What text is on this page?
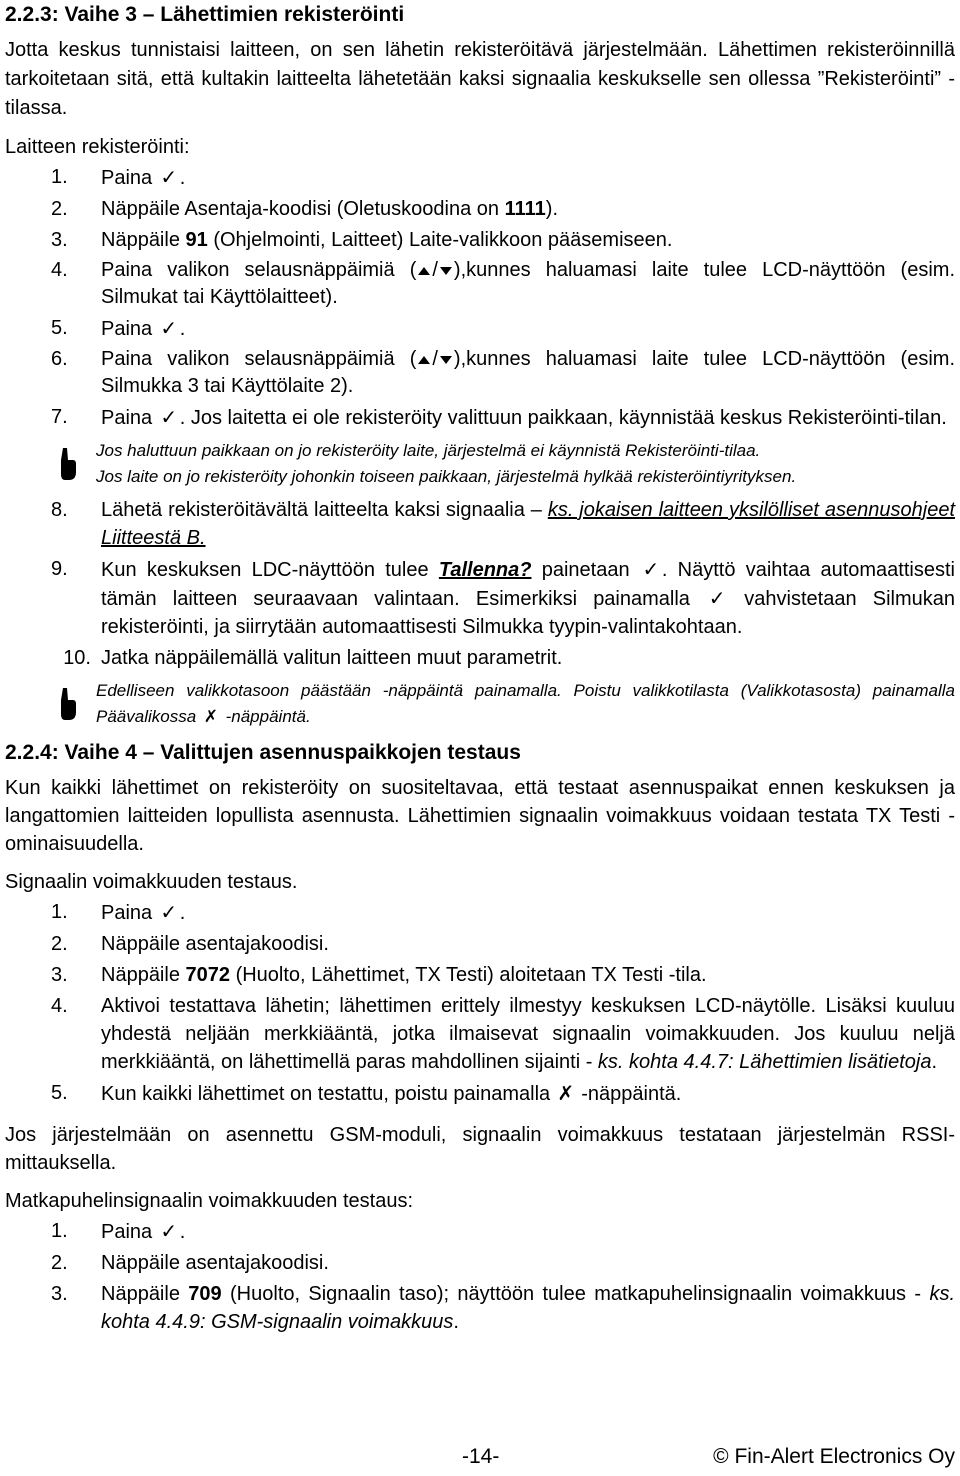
2.2.3: Vaihe 3 – Lähettimien rekisteröinti

Jotta keskus tunnistaisi laitteen, on sen lähetin rekisteröitävä järjestelmään. Lähettimen rekisteröinnillä tarkoitetaan sitä, että kultakin laitteelta lähetetään kaksi signaalia keskukselle sen ollessa ”Rekisteröinti” -tilassa.

Laitteen rekisteröinti:

1.	Paina ✓ .
2.	Näppäile Asentaja-koodisi (Oletuskoodina on 1111).
3.	Näppäile 91 (Ohjelmointi, Laitteet) Laite-valikkoon pääsemiseen.
4.	Paina valikon selausnäppäimiä ( / ),kunnes haluamasi laite tulee LCD-näyttöön (esim. Silmukat tai Käyttölaitteet).
5.	Paina ✓ .
6.	Paina valikon selausnäppäimiä ( / ),kunnes haluamasi laite tulee LCD-näyttöön (esim. Silmukka 3 tai Käyttölaite 2).
7.	Paina ✓ . Jos laitetta ei ole rekisteröity valittuun paikkaan, käynnistää keskus Rekisteröinti-tilan.
Jos haluttuun paikkaan on jo rekisteröity laite, järjestelmä ei käynnistä Rekisteröinti-tilaa.
Jos laite on jo rekisteröity johonkin toiseen paikkaan, järjestelmä hylkää rekisteröintiyrityksen.
8.	Lähetä rekisteröitävältä laitteelta kaksi signaalia – ks. jokaisen laitteen yksilölliset asennusohjeet Liitteestä B.
9.	Kun keskuksen LDC-näyttöön tulee Tallenna? painetaan ✓ . Näyttö vaihtaa automaattisesti tämän laitteen seuraavaan valintaan. Esimerkiksi painamalla ✓ vahvistetaan Silmukan rekisteröinti, ja siirrytään automaattisesti Silmukka tyypin-valintakohtaan.
10. Jatka näppäilemällä valitun laitteen muut parametrit.
Edelliseen valikkotasoon päästään -näppäintä painamalla. Poistu valikkotilasta (Valikkotasosta) painamalla Päävalikossa ✗ -näppäintä.
2.2.4: Vaihe 4 – Valittujen asennuspaikkojen testaus

Kun kaikki lähettimet on rekisteröity on suositeltavaa, että testaat asennuspaikat ennen keskuksen ja langattomien laitteiden lopullista asennusta. Lähettimien signaalin voimakkuus voidaan testata TX Testi -ominaisuudella.

Signaalin voimakkuuden testaus.

1.	Paina ✓ .
2.	Näppäile asentajakoodisi.
3.	Näppäile 7072 (Huolto, Lähettimet, TX Testi) aloitetaan TX Testi -tila.
4.	Aktivoi testattava lähetin; lähettimen erittely ilmestyy keskuksen LCD-näytölle. Lisäksi kuuluu yhdestä neljään merkkiääntä, jotka ilmaisevat signaalin voimakkuuden. Jos kuuluu neljä merkkiääntä, on lähettimellä paras mahdollinen sijainti - ks. kohta 4.4.7: Lähettimien lisätietoja.
5.	Kun kaikki lähettimet on testattu, poistu painamalla ✗ -näppäintä.

Jos järjestelmään on asennettu GSM-moduli, signaalin voimakkuus testataan järjestelmän RSSI-mittauksella.

Matkapuhelinsignaalin voimakkuuden testaus:

1.	Paina ✓ .
2.	Näppäile asentajakoodisi.
3.	Näppäile 709 (Huolto, Signaalin taso); näyttöön tulee matkapuhelinsignaalin voimakkuus - ks. kohta 4.4.9: GSM-signaalin voimakkuus.
-14-	© Fin-Alert Electronics Oy
